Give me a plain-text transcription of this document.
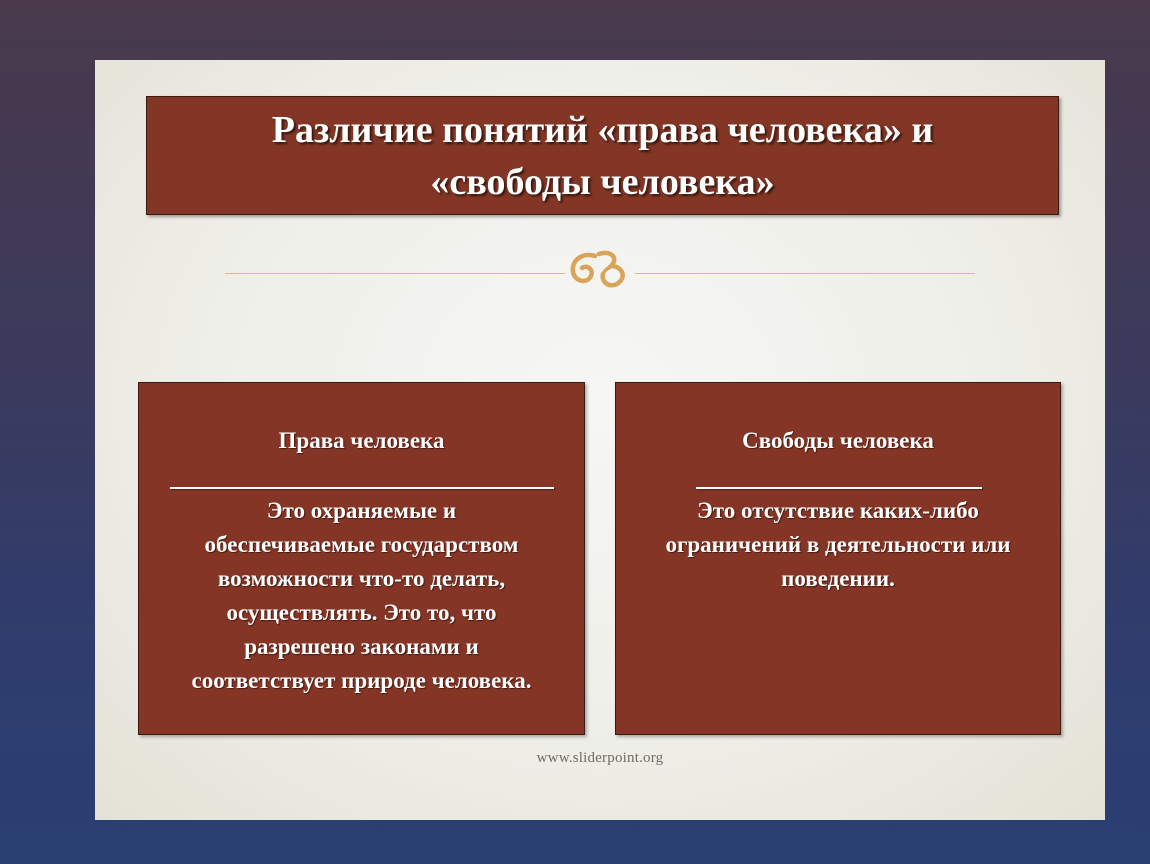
Различие понятий «права человека» и
«свободы человека»

Права человека
Это охраняемые и
обеспечиваемые государством
возможности что-то делать,
осуществлять. Это то, что
разрешено законами и
соответствует природе человека.
Свободы человека
Это отсутствие каких-либо
ограничений в деятельности или
поведении.
www.sliderpoint.org
